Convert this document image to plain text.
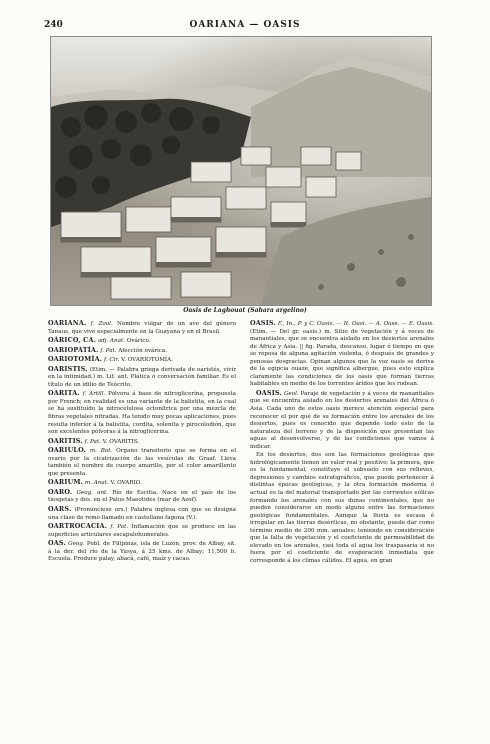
240	OARIANA — OASIS
Oasis de Laghouat (Sahara argelino)
OARIANA. f. Zool. Nombre vulgar de un ave del género Tanaus, que vive especialmente en la Guayana y en el Brasil.
OÁRICO, CA. adj. Anat. Ovárico.
OARIOPATÍA. f. Pat. Afección ovárica.
OARIOTOMÍA. f. Cir. V. OVARIOTOMÍA.
OARISTIS. (Etim. — Palabra griega derivada de oaristés, vivir en la intimidad.) m. Lit. ant. Plática ó conversación familiar. Es el título de un idilio de Teócrito.
OARITA. f. Artill. Pólvora á base de nitroglicerina, propuesta por French; en realidad es una variante de la balistita, en la cual se ha sustituído la nitrocelulosa octonítrica por una mezcla de fibras vegetales nitradas. Ha tenido muy pocas aplicaciones, pues resulta inferior á la balistita, cordita, solenita y pirocolodión, que son excelentes pólvoras á la nitroglicerina.
OARITIS. f. Pat. V. OVARITIS.
OARIULO. m. Bot. Órgano transitorio que se forma en el ovario por la cicatrización de las vesículas de Graaf. Lleva también el nombre de cuerpo amarillo, por el color amarillento que presenta.
OARIUM. m. Anat. V. OVARIO.
OARO. Geog. ant. Río de Escitia. Nace en el país de los tiesgetas y des. en el Palus Maeotides (mar de Azof).
OARS. (Pronúnciese ors.) Palabra inglesa con que se designa una clase de remo llamado en castellano fagona (V.).
OARTROCACIA. f. Pat. Inflamación que se produce en las superficies articulares escapulohumerales.
OAS. Geog. Pobl. de Filipinas, isla de Luzón, prov. de Albay, sit. á la der. del río de la Yusya, á 25 kms. de Albay; 11,500 h. Escuela. Produce palay, abacá, café, maíz y cacao.
OASIS. F., In., P. y C. Oasis. — It. Oasi. — A. Oase. — E. Oasis. (Etim. — Del gr. oasis.) m. Sitio de vegetación y á veces de manantiales, que se encuentra aislado en los desiertos arenales de África y Asia. || fig. Parada, descanso, lugar ó tiempo en que se reposa de alguna agitación violenta, ó después de grandes y penosas desgracias. Opinan algunos que la voz oasis se deriva de la egipcia ouaze, que significa albergue, pues esto explica claramente las condiciones de los oasis que forman tierras habitables en medio de los torrentes áridos que les rodean.
OASIS. Geol. Paraje de vegetación y á veces de manantiales que se encuentra aislado en los desiertos arenales del África ó Asia. Cada uno de estos oasis merece atención especial para reconocer el por qué de su formación entre los arenales de los desiertos, pues es conocido que depende todo esto de la naturaleza del terreno y de la disposición que presentan las aguas al desenvolverse, y de las condiciones que vamos á indicar.
En los desiertos, dos son las formaciones geológicas que hidrológicamente tienen un valor real y positivo: la primera, que es la fundamental, constituye el subsuelo con sus relieves, depresiones y cambios estratigráficos, que puede pertenecer á distintas épocas geológicas, y la otra formación moderna ó actual es la del material transportado por las corrientes eólicas formando los arenales con sus dunas continentales, que no pueden considerarse en modo alguno entre las formaciones geológicas fundamentales. Aunque la lluvia es escasa é irregular en las tierras desérticas, no obstante, puede dar como término medio de 200 mm. anuales; teniendo en consideración que la falta de vegetación y el coeficiente de permeabilidad de elevado en los arenales, casi toda el agua los traspasaría si no fuera por el coeficiente de evaporación inmediata que corresponde á los climas cálidos. El agua, en gran
